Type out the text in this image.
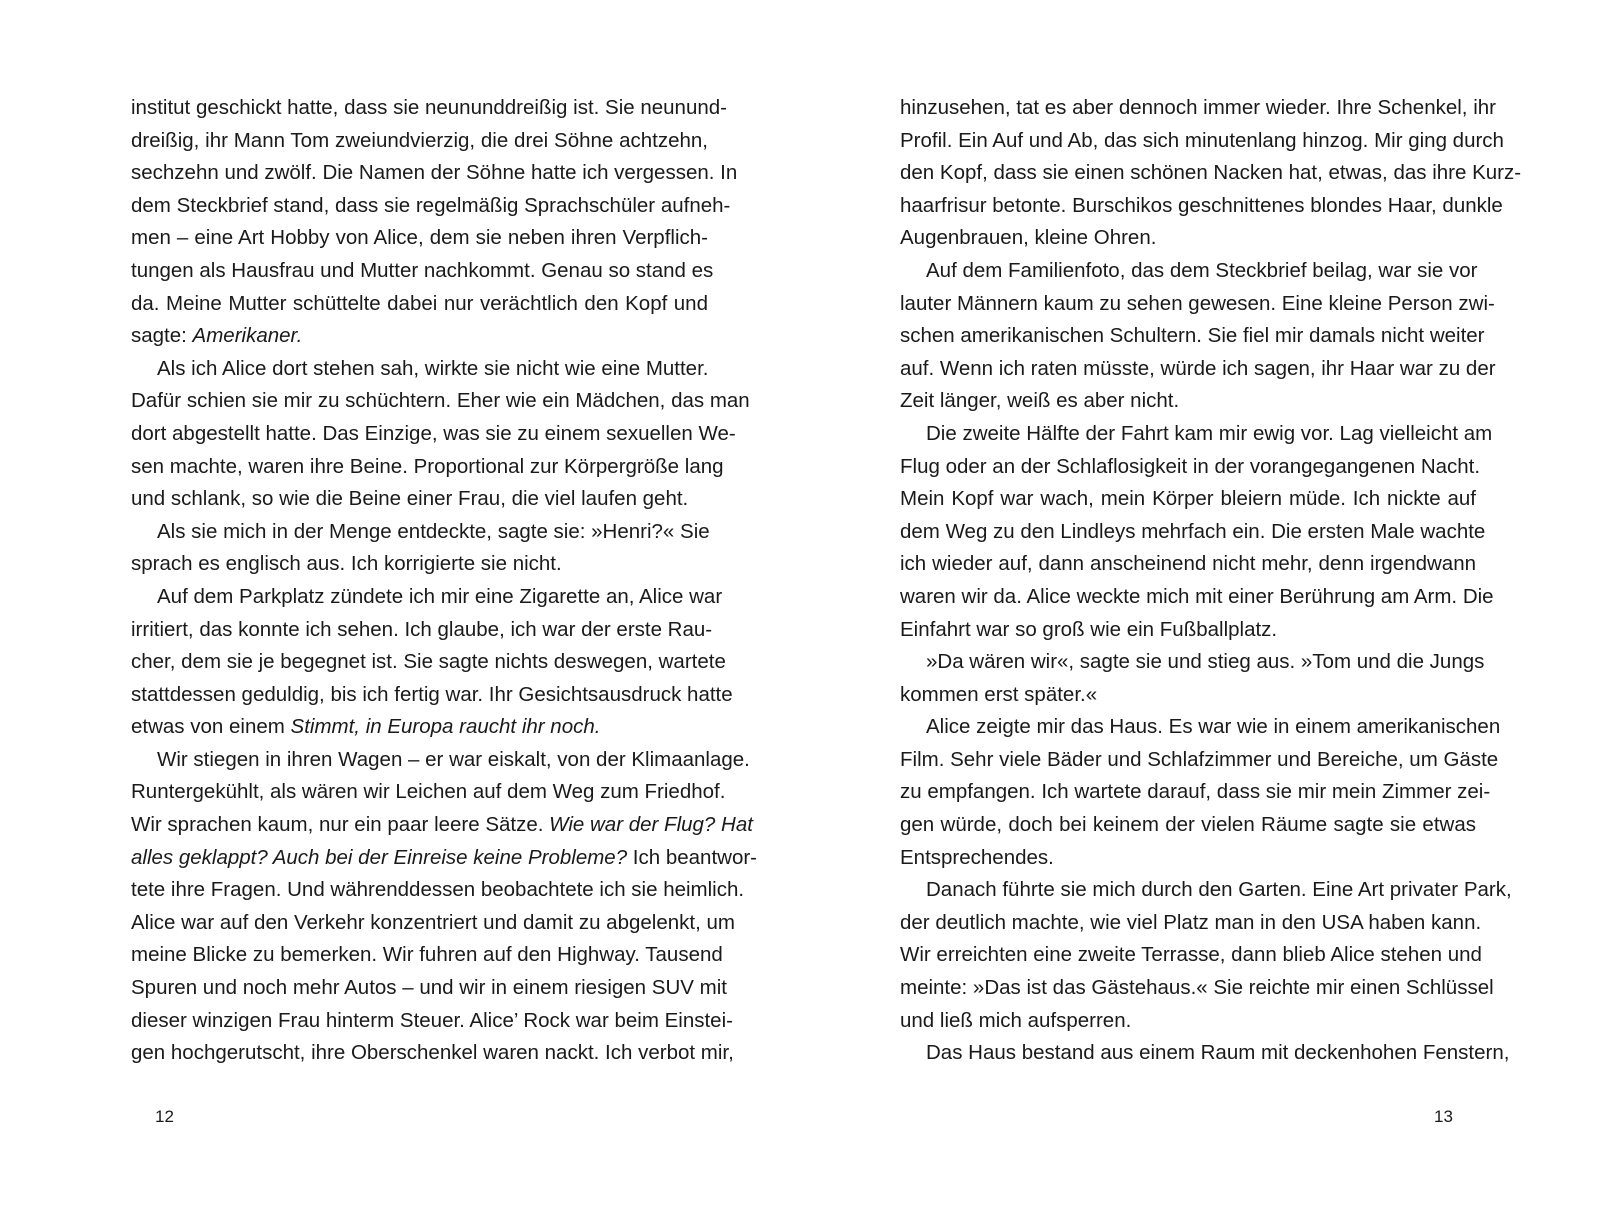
institut geschickt hatte, dass sie neununddreißig ist. Sie neunund-
dreißig, ihr Mann Tom zweiundvierzig, die drei Söhne achtzehn,
sechzehn und zwölf. Die Namen der Söhne hatte ich vergessen. In
dem Steckbrief stand, dass sie regelmäßig Sprachschüler aufneh-
men – eine Art Hobby von Alice, dem sie neben ihren Verpflich-
tungen als Hausfrau und Mutter nachkommt. Genau so stand es
da. Meine Mutter schüttelte dabei nur verächtlich den Kopf und
sagte: Amerikaner.
Als ich Alice dort stehen sah, wirkte sie nicht wie eine Mutter.
Dafür schien sie mir zu schüchtern. Eher wie ein Mädchen, das man
dort abgestellt hatte. Das Einzige, was sie zu einem sexuellen We-
sen machte, waren ihre Beine. Proportional zur Körpergröße lang
und schlank, so wie die Beine einer Frau, die viel laufen geht.
Als sie mich in der Menge entdeckte, sagte sie: »Henri?« Sie
sprach es englisch aus. Ich korrigierte sie nicht.
Auf dem Parkplatz zündete ich mir eine Zigarette an, Alice war
irritiert, das konnte ich sehen. Ich glaube, ich war der erste Rau-
cher, dem sie je begegnet ist. Sie sagte nichts deswegen, wartete
stattdessen geduldig, bis ich fertig war. Ihr Gesichtsausdruck hatte
etwas von einem Stimmt, in Europa raucht ihr noch.
Wir stiegen in ihren Wagen – er war eiskalt, von der Klimaanlage.
Runtergekühlt, als wären wir Leichen auf dem Weg zum Friedhof.
Wir sprachen kaum, nur ein paar leere Sätze. Wie war der Flug? Hat
alles geklappt? Auch bei der Einreise keine Probleme? Ich beantwor-
tete ihre Fragen. Und währenddessen beobachtete ich sie heimlich.
Alice war auf den Verkehr konzentriert und damit zu abgelenkt, um
meine Blicke zu bemerken. Wir fuhren auf den Highway. Tausend
Spuren und noch mehr Autos – und wir in einem riesigen SUV mit
dieser winzigen Frau hinterm Steuer. Alice’ Rock war beim Einstei-
gen hochgerutscht, ihre Oberschenkel waren nackt. Ich verbot mir,
hinzusehen, tat es aber dennoch immer wieder. Ihre Schenkel, ihr
Profil. Ein Auf und Ab, das sich minutenlang hinzog. Mir ging durch
den Kopf, dass sie einen schönen Nacken hat, etwas, das ihre Kurz-
haarfrisur betonte. Burschikos geschnittenes blondes Haar, dunkle
Augenbrauen, kleine Ohren.
Auf dem Familienfoto, das dem Steckbrief beilag, war sie vor
lauter Männern kaum zu sehen gewesen. Eine kleine Person zwi-
schen amerikanischen Schultern. Sie fiel mir damals nicht weiter
auf. Wenn ich raten müsste, würde ich sagen, ihr Haar war zu der
Zeit länger, weiß es aber nicht.
Die zweite Hälfte der Fahrt kam mir ewig vor. Lag vielleicht am
Flug oder an der Schlaflosigkeit in der vorangegangenen Nacht.
Mein Kopf war wach, mein Körper bleiern müde. Ich nickte auf
dem Weg zu den Lindleys mehrfach ein. Die ersten Male wachte
ich wieder auf, dann anscheinend nicht mehr, denn irgendwann
waren wir da. Alice weckte mich mit einer Berührung am Arm. Die
Einfahrt war so groß wie ein Fußballplatz.
»Da wären wir«, sagte sie und stieg aus. »Tom und die Jungs
kommen erst später.«
Alice zeigte mir das Haus. Es war wie in einem amerikanischen
Film. Sehr viele Bäder und Schlafzimmer und Bereiche, um Gäste
zu empfangen. Ich wartete darauf, dass sie mir mein Zimmer zei-
gen würde, doch bei keinem der vielen Räume sagte sie etwas
Entsprechendes.
Danach führte sie mich durch den Garten. Eine Art privater Park,
der deutlich machte, wie viel Platz man in den USA haben kann.
Wir erreichten eine zweite Terrasse, dann blieb Alice stehen und
meinte: »Das ist das Gästehaus.« Sie reichte mir einen Schlüssel
und ließ mich aufsperren.
Das Haus bestand aus einem Raum mit deckenhohen Fenstern,
12	13
